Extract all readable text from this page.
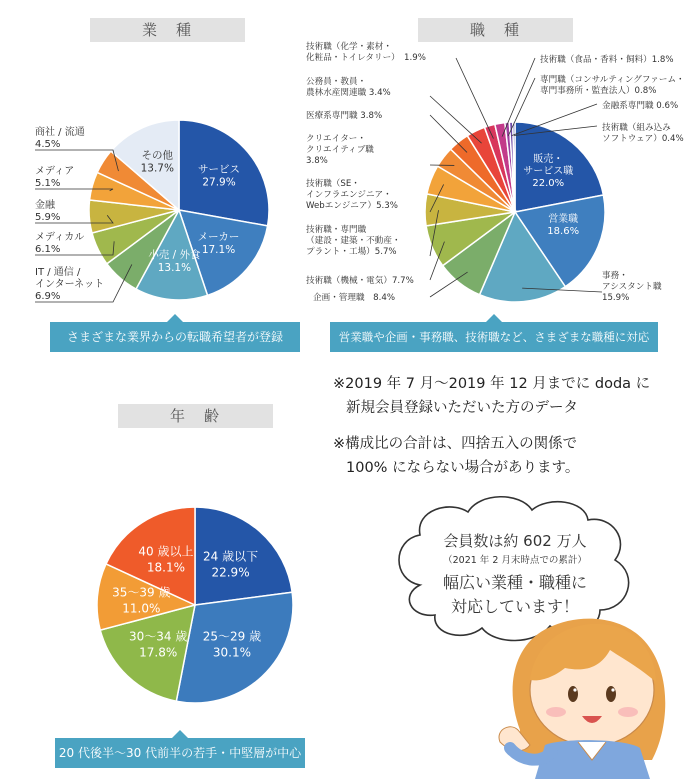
業　種	職　種
年　齢
さまざまな業界からの転職希望者が登録	営業職や企画・事務職、技術職など、さまざまな職種に対応
20 代後半～30 代前半の若手・中堅層が中心
※2019 年 7 月～2019 年 12 月までに doda に
新規会員登録いただいた方のデータ
※構成比の合計は、四捨五入の関係で
100% にならない場合があります。
サービス 27.9%
メーカー 17.1%
小売 / 外食 13.1%
その他 13.7%
IT / 通信 /インターネット 6.9%
メディカル 6.1%
金融 5.9%
メディア 5.1%
商社 / 流通 4.5%
販売・サービス職 22.0%
営業職 18.6%
事務・アシスタント職 15.9%
企画・管理職　8.4%
技術職（機械・電気）7.7%
技術職・専門職（建設・建築・不動産・プラント・工場）5.7%
技術職（SE・インフラエンジニア・ Webエンジニア）5.3%
クリエイター・クリエイティブ職 3.8%
医療系専門職 3.8%
公務員・教員・農林水産関連職 3.4%
技術職（化学・素材・化粧品・トイレタリー）　1.9%	技術職（食品・香料・飼料）1.8%
専門職（コンサルティングファーム・専門事務所・監査法人）0.8%
金融系専門職 0.6%
技術職（組み込みソフトウェア）0.4%
24 歳以下 22.9%
25～29 歳 30.1%
30～34 歳 17.8%
35～39 歳 11.0%
40 歳以上 18.1%
会員数は約 602 万人
（2021 年 2 月末時点での累計）
幅広い業種・職種に
対応しています！
